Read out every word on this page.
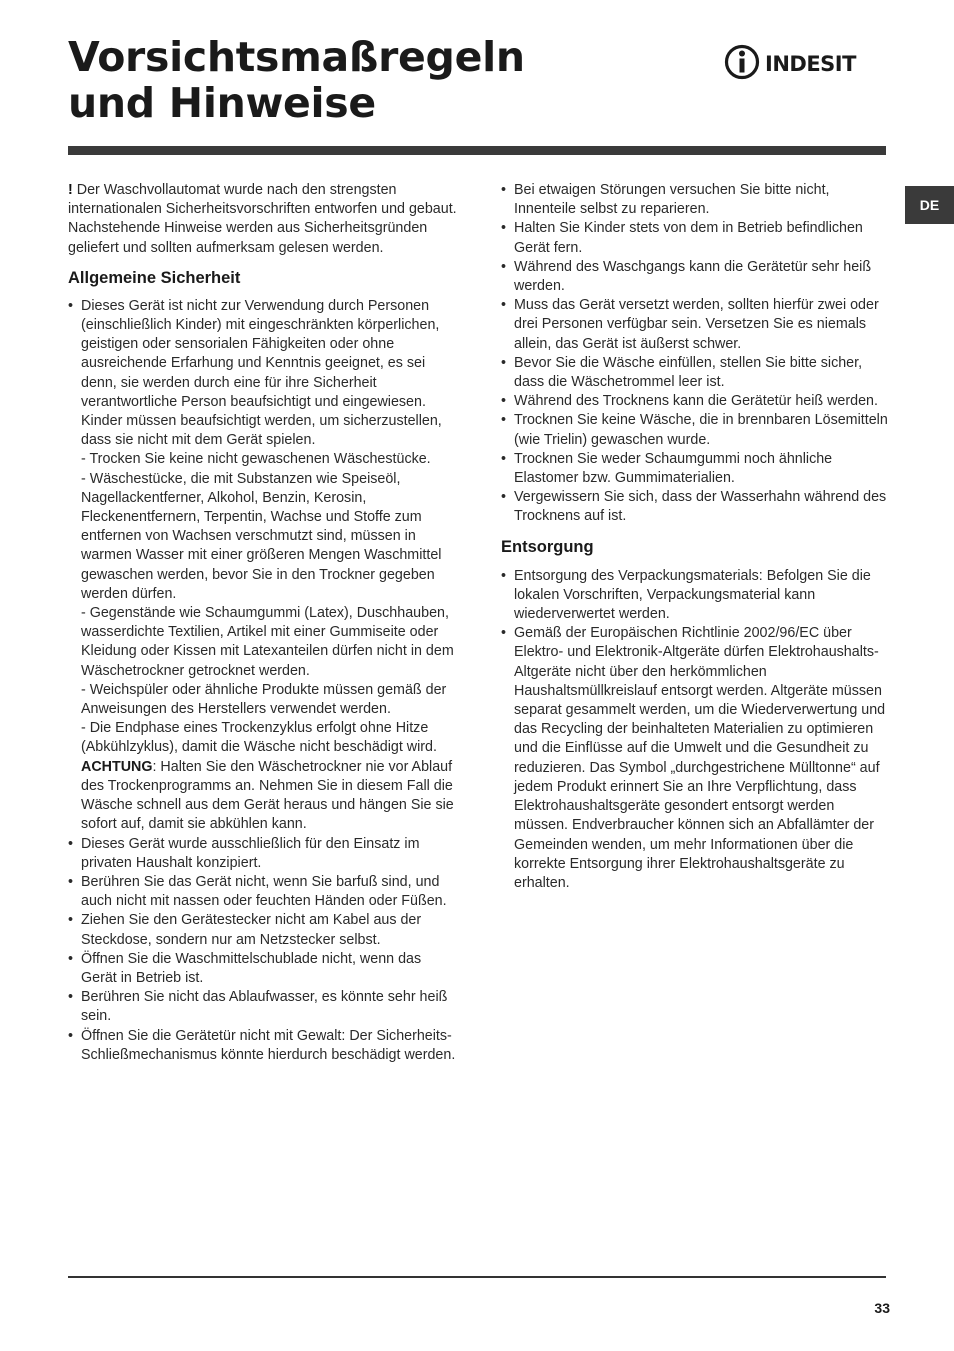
Vorsichtsmaßregeln
und Hinweise
INDESIT
DE

! Der Waschvollautomat wurde nach den strengsten internationalen Sicherheitsvorschriften entworfen und gebaut. Nachstehende Hinweise werden aus Sicherheitsgründen geliefert und sollten aufmerksam gelesen werden.

Allgemeine Sicherheit
• Dieses Gerät ist nicht zur Verwendung durch Personen (einschließlich Kinder) mit eingeschränkten körperlichen, geistigen oder sensorialen Fähigkeiten oder ohne ausreichende Erfarhung und Kenntnis geeignet, es sei denn, sie werden durch eine für ihre Sicherheit verantwortliche Person beaufsichtigt und eingewiesen. Kinder müssen beaufsichtigt werden, um sicherzustellen, dass sie nicht mit dem Gerät spielen.
- Trocken Sie keine nicht gewaschenen Wäschestücke.
- Wäschestücke, die mit Substanzen wie Speiseöl, Nagellackentferner, Alkohol, Benzin, Kerosin, Fleckenentfernern, Terpentin, Wachse und Stoffe zum entfernen von Wachsen verschmutzt sind, müssen in warmen Wasser mit einer größeren Mengen Waschmittel gewaschen werden, bevor Sie in den Trockner gegeben werden dürfen.
- Gegenstände wie Schaumgummi (Latex), Duschhauben, wasserdichte Textilien, Artikel mit einer Gummiseite oder Kleidung oder Kissen mit Latexanteilen dürfen nicht in dem Wäschetrockner getrocknet werden.
- Weichspüler oder ähnliche Produkte müssen gemäß der Anweisungen des Herstellers verwendet werden.
- Die Endphase eines Trockenzyklus erfolgt ohne Hitze (Abkühlzyklus), damit die Wäsche nicht beschädigt wird.
ACHTUNG: Halten Sie den Wäschetrockner nie vor Ablauf des Trockenprogramms an. Nehmen Sie in diesem Fall die Wäsche schnell aus dem Gerät heraus und hängen Sie sie sofort auf, damit sie abkühlen kann.
• Dieses Gerät wurde ausschließlich für den Einsatz im privaten Haushalt konzipiert.
• Berühren Sie das Gerät nicht, wenn Sie barfuß sind, und auch nicht mit nassen oder feuchten Händen oder Füßen.
• Ziehen Sie den Gerätestecker nicht am Kabel aus der Steckdose, sondern nur am Netzstecker selbst.
• Öffnen Sie die Waschmittelschublade nicht, wenn das Gerät in Betrieb ist.
• Berühren Sie nicht das Ablaufwasser, es könnte sehr heiß sein.
• Öffnen Sie die Gerätetür nicht mit Gewalt: Der Sicherheits-Schließmechanismus könnte hierdurch beschädigt werden.
• Bei etwaigen Störungen versuchen Sie bitte nicht, Innenteile selbst zu reparieren.
• Halten Sie Kinder stets von dem in Betrieb befindlichen Gerät fern.
• Während des Waschgangs kann die Gerätetür sehr heiß werden.
• Muss das Gerät versetzt werden, sollten hierfür zwei oder drei Personen verfügbar sein. Versetzen Sie es niemals allein, das Gerät ist äußerst schwer.
• Bevor Sie die Wäsche einfüllen, stellen Sie bitte sicher, dass die Wäschetrommel leer ist.
• Während des Trocknens kann die Gerätetür heiß werden.
• Trocknen Sie keine Wäsche, die in brennbaren Lösemitteln (wie Trielin) gewaschen wurde.
• Trocknen Sie weder Schaumgummi noch ähnliche Elastomer bzw. Gummimaterialien.
• Vergewissern Sie sich, dass der Wasserhahn während des Trocknens auf ist.
Entsorgung
• Entsorgung des Verpackungsmaterials: Befolgen Sie die lokalen Vorschriften, Verpackungsmaterial kann wiederverwertet werden.
• Gemäß der Europäischen Richtlinie 2002/96/EC über Elektro- und Elektronik-Altgeräte dürfen Elektrohaushalts-Altgeräte nicht über den herkömmlichen Haushaltsmüllkreislauf entsorgt werden. Altgeräte müssen separat gesammelt werden, um die Wiederverwertung und das Recycling der beinhalteten Materialien zu optimieren und die Einflüsse auf die Umwelt und die Gesundheit zu reduzieren. Das Symbol „durchgestrichene Mülltonne“ auf jedem Produkt erinnert Sie an Ihre Verpflichtung, dass Elektrohaushaltsgeräte gesondert entsorgt werden müssen. Endverbraucher können sich an Abfallämter der Gemeinden wenden, um mehr Informationen über die korrekte Entsorgung ihrer Elektrohaushaltsgeräte zu erhalten.
33
